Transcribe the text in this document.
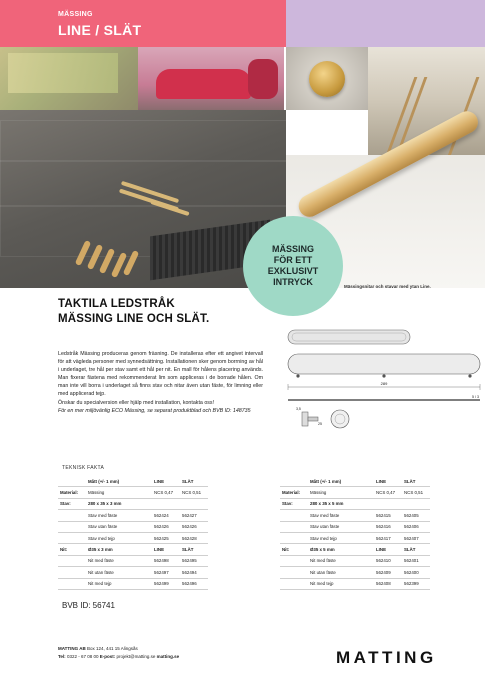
MÄSSING
LINE / SLÄT
MÄSSING
FÖR ETT
EXKLUSIVT
INTRYCK	Mässingsnitar och stavar med ytan Line.
TAKTILA LEDSTRÅK
MÄSSING LINE OCH SLÄT.

Ledstråk Mässing produceras genom fräsning. De installeras efter ett angivet intervall för att vägleda personer med synnedsättning. Installationen sker genom borrning av hål i underlaget, tre hål per stav samt ett hål per nit. En mall för hålens placering används. Man fixerar fästena med rekommenderat lim som appliceras i de borrade hålen. Om man inte vill borra i underlaget så finns stav och nitar även utan fäste, för limning eller med applicerad tejp.

Önskar du specialversion eller hjälp med installation, kontakta oss!

För en mer miljövänlig ECO Mässing, se separat produktblad och BVB ID: 148735

289
5 / 3
3,5
25
TEKNISK FAKTA
	Mått (+/- 1 mm)	LINE	SLÄT
Material:	Mässing	NCS 0,47	NCS 0,51
Stav:	280 x 35 x 3 mm		
	Stav med fäste	562424	562427
	Stav utan fäste	562426	562426
	Stav med tejp	562425	562428
Nit:	Ø35 x 3 mm	LINE	SLÄT
	Nit med fäste	562498	562495
	Nit utan fäste	562497	562494
	Nit med tejp	562499	562496
	Mått (+/- 1 mm)	LINE	SLÄT
Material:	Mässing	NCS 0,47	NCS 0,51
Stav:	280 x 35 x 5 mm		
	Stav med fäste	562415	562405
	Stav utan fäste	562416	562406
	Stav med tejp	562417	562407
Nit:	Ø35 x 5 mm	LINE	SLÄT
	Nit med fäste	562410	562401
	Nit utan fäste	562409	562400
	Nit med tejp	562408	562399
BVB ID: 56741
MATTING AB Box 124, 441 15 Alingsås
Tel: 0322 - 67 08 00 E-post: projekt@matting.se matting.se	MATTING
